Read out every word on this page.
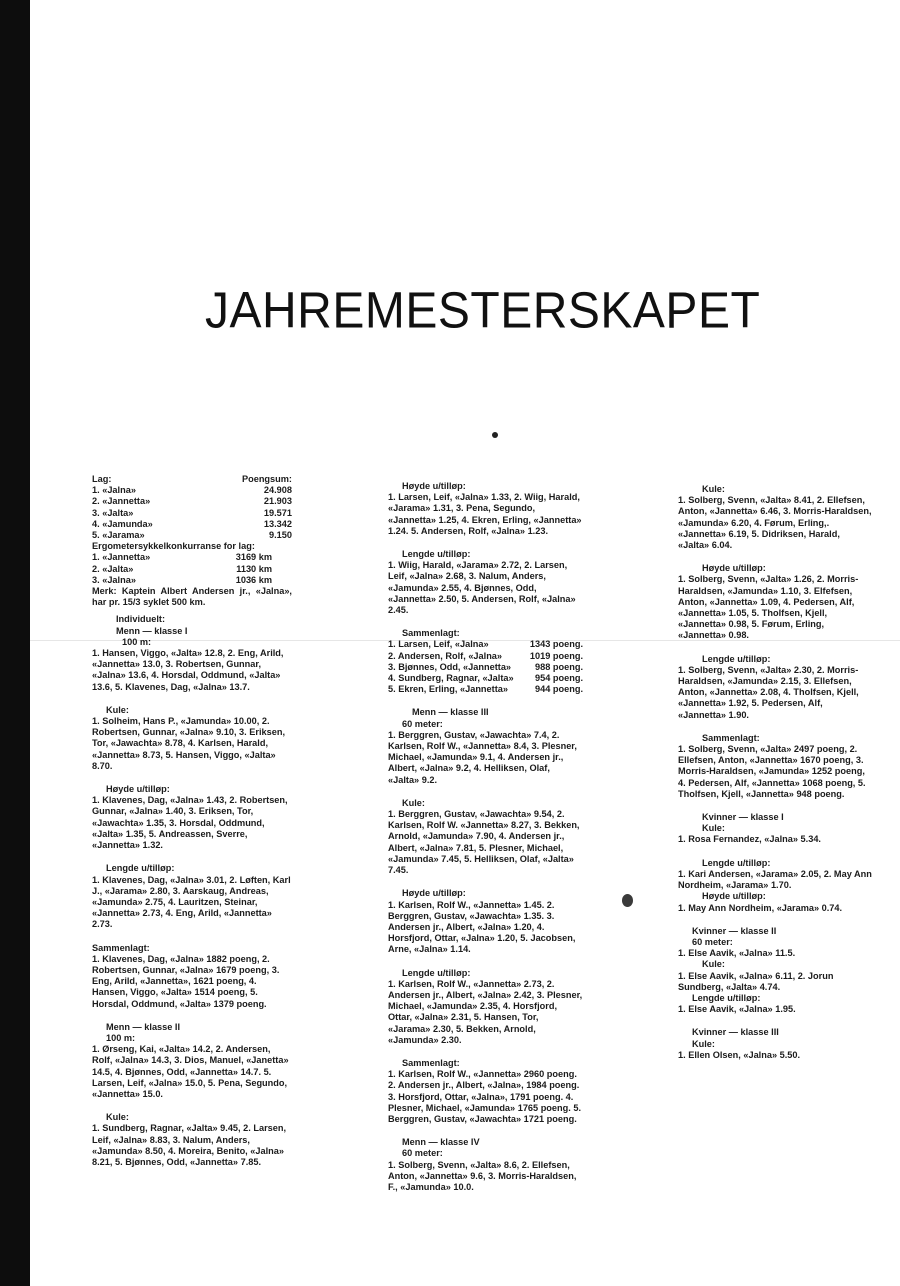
JAHREMESTERSKAPET
Lag:	Poengsum:
1. «Jalna»	24.908
2. «Jannetta»	21.903
3. «Jalta»	19.571
4. «Jamunda»	13.342
5. «Jarama»	9.150
Ergometersykkelkonkurranse for lag:
1. «Jannetta»	3169 km
2. «Jalta»	1130 km
3. «Jalna»	1036 km

Merk: Kaptein Albert Andersen jr., «Jalna», har pr. 15/3 syklet 500 km.

Individuelt:
Menn — klasse I
100 m:

1. Hansen, Viggo, «Jalta» 12.8, 2. Eng, Arild, «Jannetta» 13.0, 3. Robertsen, Gunnar, «Jalna» 13.6, 4. Horsdal, Oddmund, «Jalta» 13.6, 5. Klavenes, Dag, «Jalna» 13.7.

Kule:

1. Solheim, Hans P., «Jamunda» 10.00, 2. Robertsen, Gunnar, «Jalna» 9.10, 3. Eriksen, Tor, «Jawachta» 8.78, 4. Karlsen, Harald, «Jannetta» 8.73, 5. Hansen, Viggo, «Jalta» 8.70.

Høyde u/tilløp:

1. Klavenes, Dag, «Jalna» 1.43, 2. Robertsen, Gunnar, «Jalna» 1.40, 3. Eriksen, Tor, «Jawachta» 1.35, 3. Horsdal, Oddmund, «Jalta» 1.35, 5. Andreassen, Sverre, «Jannetta» 1.32.

Lengde u/tilløp:

1. Klavenes, Dag, «Jalna» 3.01, 2. Løften, Karl J., «Jarama» 2.80, 3. Aarskaug, Andreas, «Jamunda» 2.75, 4. Lauritzen, Steinar, «Jannetta» 2.73, 4. Eng, Arild, «Jannetta» 2.73.

Sammenlagt:

1. Klavenes, Dag, «Jalna» 1882 poeng, 2. Robertsen, Gunnar, «Jalna» 1679 poeng, 3. Eng, Arild, «Jannetta», 1621 poeng, 4. Hansen, Viggo, «Jalta» 1514 poeng, 5. Horsdal, Oddmund, «Jalta» 1379 poeng.

Menn — klasse II
100 m:

1. Ørseng, Kai, «Jalta» 14.2, 2. Andersen, Rolf, «Jalna» 14.3, 3. Dios, Manuel, «Janetta» 14.5, 4. Bjønnes, Odd, «Jannetta» 14.7. 5. Larsen, Leif, «Jalna» 15.0, 5. Pena, Segundo, «Jannetta» 15.0.

Kule:

1. Sundberg, Ragnar, «Jalta» 9.45, 2. Larsen, Leif, «Jalna» 8.83, 3. Nalum, Anders, «Jamunda» 8.50, 4. Moreira, Benito, «Jalna» 8.21, 5. Bjønnes, Odd, «Jannetta» 7.85.

Høyde u/tilløp:

1. Larsen, Leif, «Jalna» 1.33, 2. Wiig, Harald, «Jarama» 1.31, 3. Pena, Segundo, «Jannetta» 1.25, 4. Ekren, Erling, «Jannetta» 1.24. 5. Andersen, Rolf, «Jalna» 1.23.

Lengde u/tilløp:

1. Wiig, Harald, «Jarama» 2.72, 2. Larsen, Leif, «Jalna» 2.68, 3. Nalum, Anders, «Jamunda» 2.55, 4. Bjønnes, Odd, «Jannetta» 2.50, 5. Andersen, Rolf, «Jalna» 2.45.

Sammenlagt:
1. Larsen, Leif, «Jalna»	1343 poeng.
2. Andersen, Rolf, «Jalna»	1019 poeng.
3. Bjønnes, Odd, «Jannetta»	988 poeng.
4. Sundberg, Ragnar, «Jalta» 954 poeng.
5. Ekren, Erling, «Jannetta»	944 poeng.
Menn — klasse III
60 meter:

1. Berggren, Gustav, «Jawachta» 7.4, 2. Karlsen, Rolf W., «Jannetta» 8.4, 3. Plesner, Michael, «Jamunda» 9.1, 4. Andersen jr., Albert, «Jalna» 9.2, 4. Helliksen, Olaf, «Jalta» 9.2.

Kule:

1. Berggren, Gustav, «Jawachta» 9.54, 2. Karlsen, Rolf W. «Jannetta» 8.27, 3. Bekken, Arnold, «Jamunda» 7.90, 4. Andersen jr., Albert, «Jalna» 7.81, 5. Plesner, Michael, «Jamunda» 7.45, 5. Helliksen, Olaf, «Jalta» 7.45.

Høyde u/tilløp:

1. Karlsen, Rolf W., «Jannetta» 1.45. 2. Berggren, Gustav, «Jawachta» 1.35. 3. Andersen jr., Albert, «Jalna» 1.20, 4. Horsfjord, Ottar, «Jalna» 1.20, 5. Jacobsen, Arne, «Jalna» 1.14.

Lengde u/tilløp:

1. Karlsen, Rolf W., «Jannetta» 2.73, 2. Andersen jr., Albert, «Jalna» 2.42, 3. Plesner, Michael, «Jamunda» 2.35, 4. Horsfjord, Ottar, «Jalna» 2.31, 5. Hansen, Tor, «Jarama» 2.30, 5. Bekken, Arnold, «Jamunda» 2.30.

Sammenlagt:

1. Karlsen, Rolf W., «Jannetta» 2960 poeng. 2. Andersen jr., Albert, «Jalna», 1984 poeng. 3. Horsfjord, Ottar, «Jalna», 1791 poeng. 4. Plesner, Michael, «Jamunda» 1765 poeng. 5. Berggren, Gustav, «Jawachta» 1721 poeng.

Menn — klasse IV
60 meter:

1. Solberg, Svenn, «Jalta» 8.6, 2. Ellefsen, Anton, «Jannetta» 9.6, 3. Morris-Haraldsen, F., «Jamunda» 10.0.

Kule:

1. Solberg, Svenn, «Jalta» 8.41, 2. Ellefsen, Anton, «Jannetta» 6.46, 3. Morris-Haraldsen, «Jamunda» 6.20, 4. Førum, Erling,. «Jannetta» 6.19, 5. Didriksen, Harald, «Jalta» 6.04.

Høyde u/tilløp:

1. Solberg, Svenn, «Jalta» 1.26, 2. Morris-Haraldsen, «Jamunda» 1.10, 3. Elfefsen, Anton, «Jannetta» 1.09, 4. Pedersen, Alf, «Jannetta» 1.05, 5. Tholfsen, Kjell, «Jannetta» 0.98, 5. Førum, Erling, «Jannetta» 0.98.

Lengde u/tilløp:

1. Solberg, Svenn, «Jalta» 2.30, 2. Morris-Haraldsen, «Jamunda» 2.15, 3. Ellefsen, Anton, «Jannetta» 2.08, 4. Tholfsen, Kjell, «Jannetta» 1.92, 5. Pedersen, Alf, «Jannetta» 1.90.

Sammenlagt:

1. Solberg, Svenn, «Jalta» 2497 poeng, 2. Ellefsen, Anton, «Jannetta» 1670 poeng, 3. Morris-Haraldsen, «Jamunda» 1252 poeng, 4. Pedersen, Alf, «Jannetta» 1068 poeng, 5. Tholfsen, Kjell, «Jannetta» 948 poeng.

Kvinner — klasse I
Kule:

1. Rosa Fernandez, «Jalna» 5.34.

Lengde u/tilløp:

1. Kari Andersen, «Jarama» 2.05, 2. May Ann Nordheim, «Jarama» 1.70.

Høyde u/tilløp:

1. May Ann Nordheim, «Jarama» 0.74.

Kvinner — klasse II
60 meter:

1. Else Aavik, «Jalna» 11.5.

Kule:

1. Else Aavik, «Jalna» 6.11, 2. Jorun Sundberg, «Jalta» 4.74.

Lengde u/tilløp:

1. Else Aavik, «Jalna» 1.95.

Kvinner — klasse III
Kule:

1. Ellen Olsen, «Jalna» 5.50.
